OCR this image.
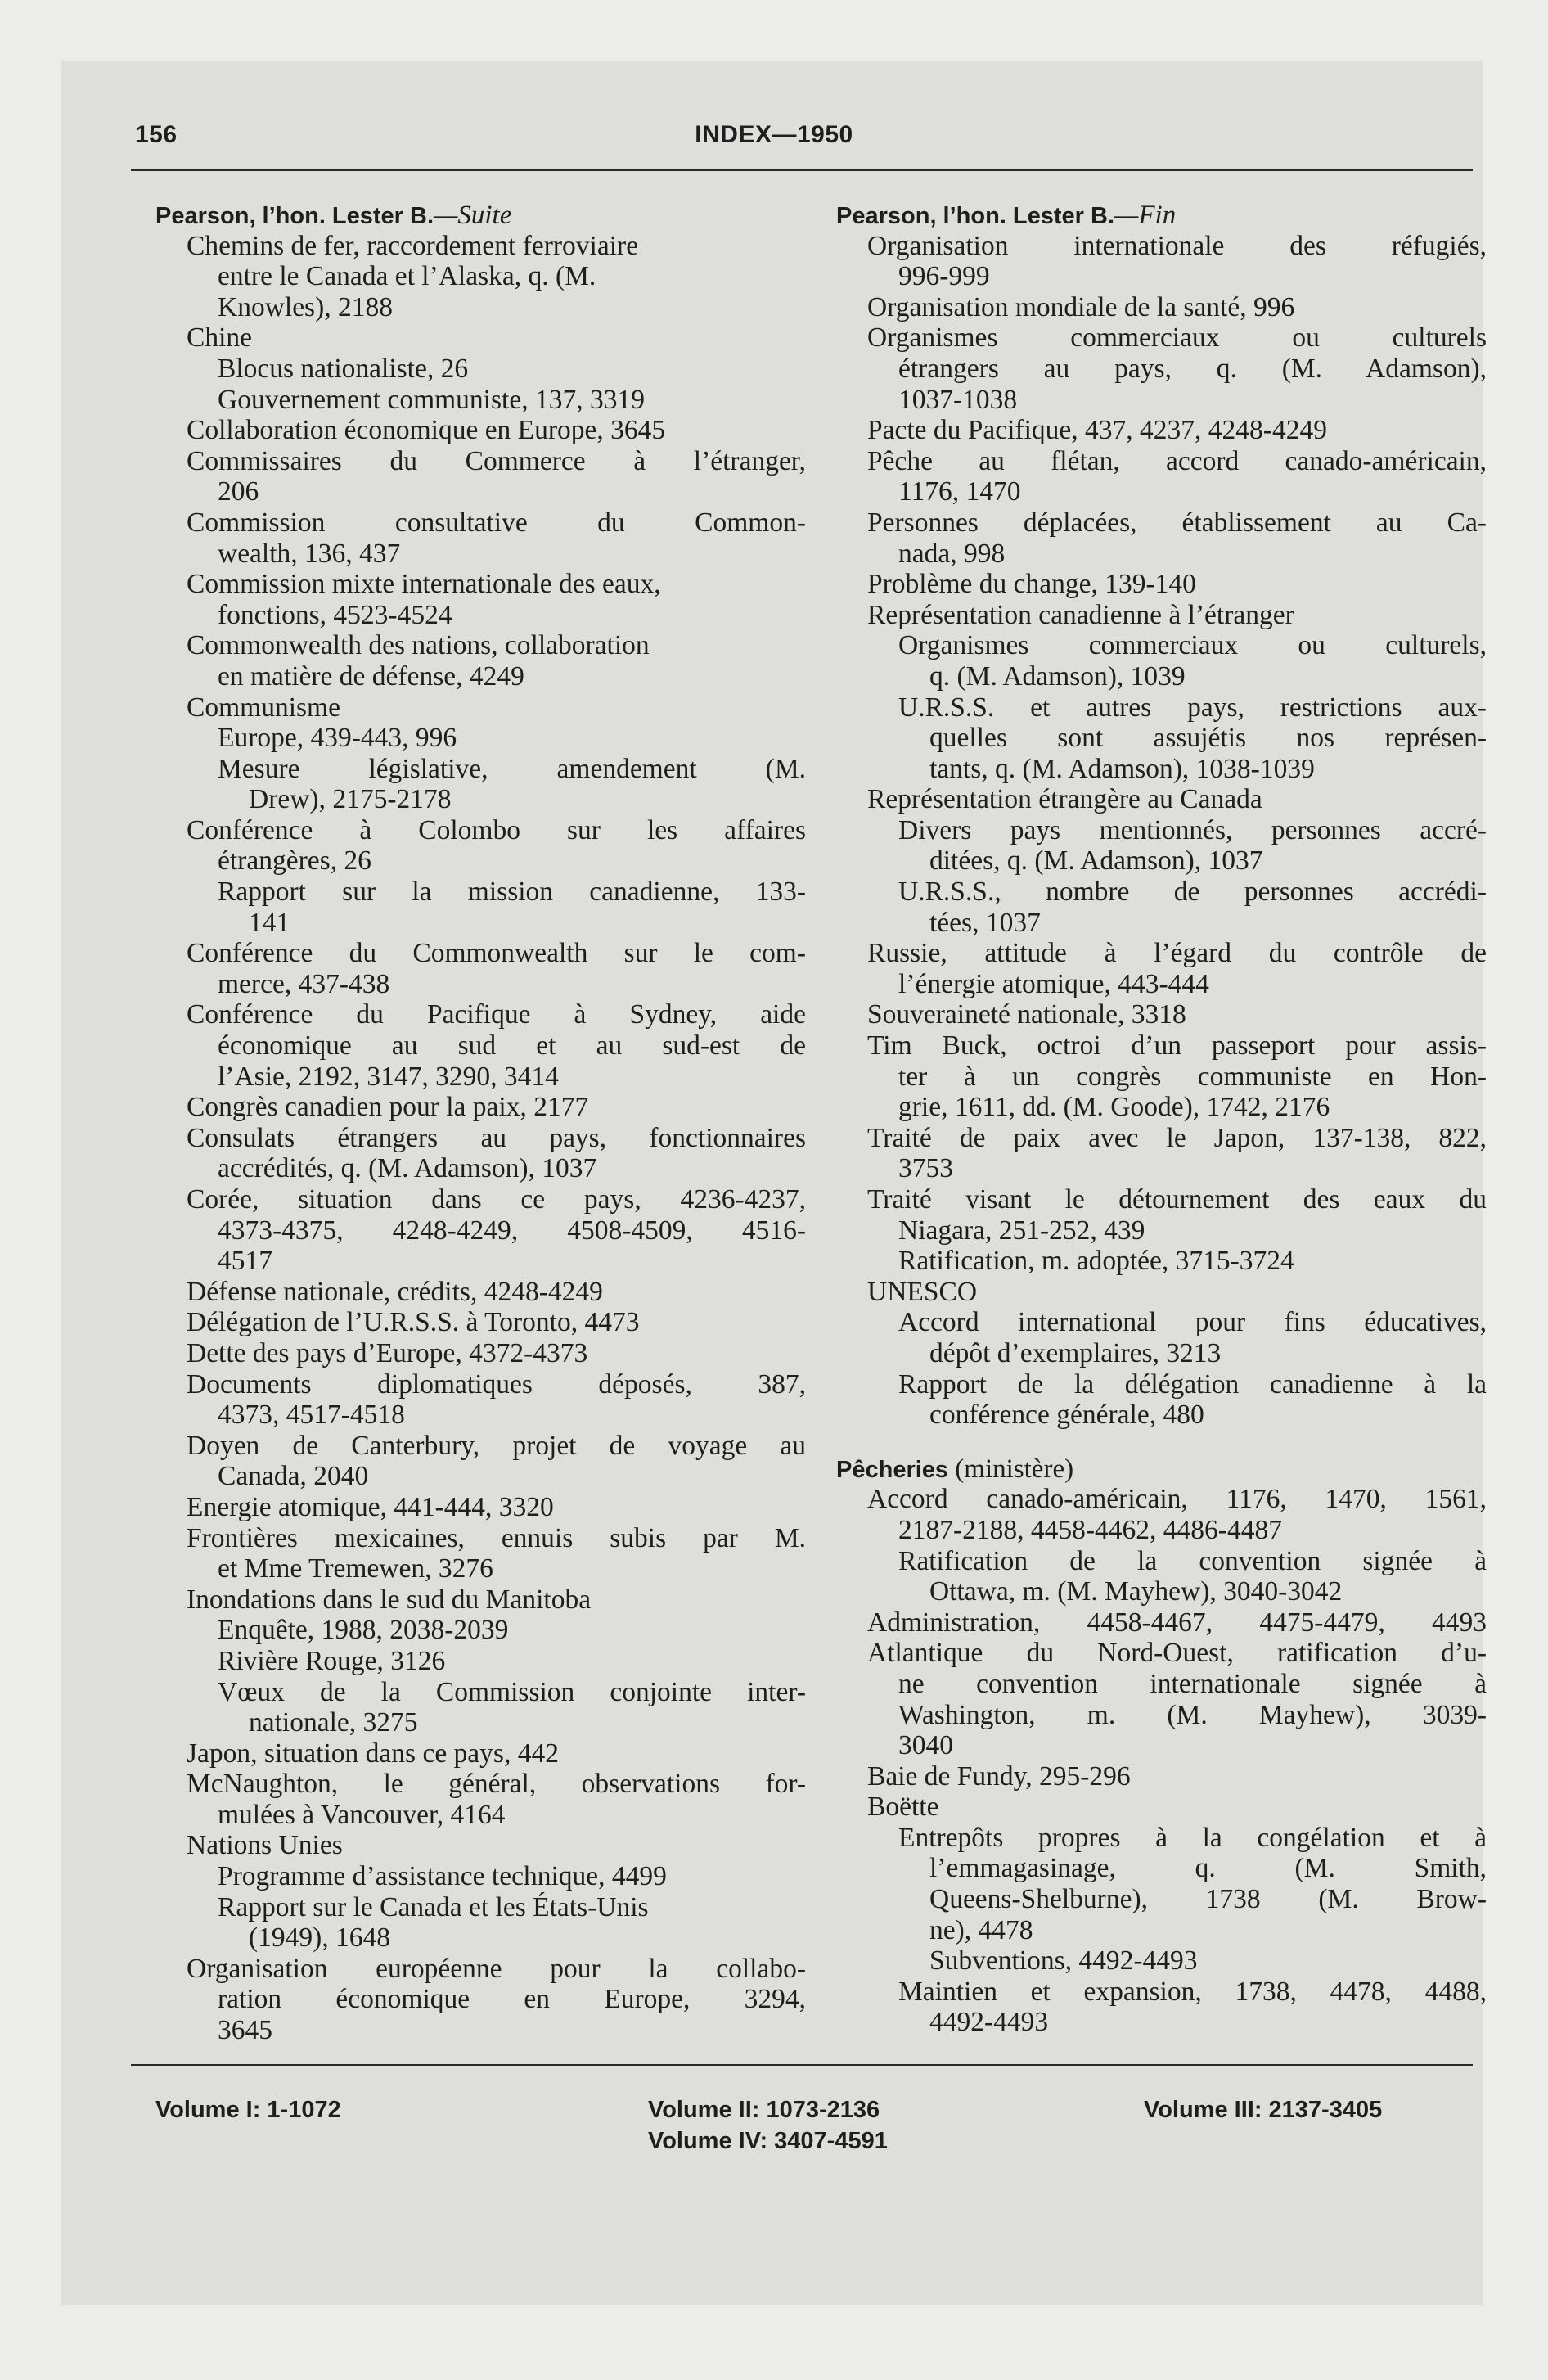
156	INDEX—1950
Pearson, l’hon. Lester B.—Suite
Chemins de fer, raccordement ferroviaire
entre le Canada et l’Alaska, q. (M.
Knowles), 2188
Chine
Blocus nationaliste, 26
Gouvernement communiste, 137, 3319
Collaboration économique en Europe, 3645
Commissaires du Commerce à l’étranger,
206
Commission consultative du Common-
wealth, 136, 437
Commission mixte internationale des eaux,
fonctions, 4523-4524
Commonwealth des nations, collaboration
en matière de défense, 4249
Communisme
Europe, 439-443, 996
Mesure législative, amendement (M.
Drew), 2175-2178
Conférence à Colombo sur les affaires
étrangères, 26
Rapport sur la mission canadienne, 133-
141
Conférence du Commonwealth sur le com-
merce, 437-438
Conférence du Pacifique à Sydney, aide
économique au sud et au sud-est de
l’Asie, 2192, 3147, 3290, 3414
Congrès canadien pour la paix, 2177
Consulats étrangers au pays, fonctionnaires
accrédités, q. (M. Adamson), 1037
Corée, situation dans ce pays, 4236-4237,
4373-4375, 4248-4249, 4508-4509, 4516-
4517
Défense nationale, crédits, 4248-4249
Délégation de l’U.R.S.S. à Toronto, 4473
Dette des pays d’Europe, 4372-4373
Documents diplomatiques déposés, 387,
4373, 4517-4518
Doyen de Canterbury, projet de voyage au
Canada, 2040
Energie atomique, 441-444, 3320
Frontières mexicaines, ennuis subis par M.
et Mme Tremewen, 3276
Inondations dans le sud du Manitoba
Enquête, 1988, 2038-2039
Rivière Rouge, 3126
Vœux de la Commission conjointe inter-
nationale, 3275
Japon, situation dans ce pays, 442
McNaughton, le général, observations for-
mulées à Vancouver, 4164
Nations Unies
Programme d’assistance technique, 4499
Rapport sur le Canada et les États-Unis
(1949), 1648
Organisation européenne pour la collabo-
ration économique en Europe, 3294,
3645
Pearson, l’hon. Lester B.—Fin
Organisation internationale des réfugiés,
996-999
Organisation mondiale de la santé, 996
Organismes commerciaux ou culturels
étrangers au pays, q. (M. Adamson),
1037-1038
Pacte du Pacifique, 437, 4237, 4248-4249
Pêche au flétan, accord canado-américain,
1176, 1470
Personnes déplacées, établissement au Ca-
nada, 998
Problème du change, 139-140
Représentation canadienne à l’étranger
Organismes commerciaux ou culturels,
q. (M. Adamson), 1039
U.R.S.S. et autres pays, restrictions aux-
quelles sont assujétis nos représen-
tants, q. (M. Adamson), 1038-1039
Représentation étrangère au Canada
Divers pays mentionnés, personnes accré-
ditées, q. (M. Adamson), 1037
U.R.S.S., nombre de personnes accrédi-
tées, 1037
Russie, attitude à l’égard du contrôle de
l’énergie atomique, 443-444
Souveraineté nationale, 3318
Tim Buck, octroi d’un passeport pour assis-
ter à un congrès communiste en Hon-
grie, 1611, dd. (M. Goode), 1742, 2176
Traité de paix avec le Japon, 137-138, 822,
3753
Traité visant le détournement des eaux du
Niagara, 251-252, 439
Ratification, m. adoptée, 3715-3724
UNESCO
Accord international pour fins éducatives,
dépôt d’exemplaires, 3213
Rapport de la délégation canadienne à la
conférence générale, 480
Pêcheries (ministère)
Accord canado-américain, 1176, 1470, 1561,
2187-2188, 4458-4462, 4486-4487
Ratification de la convention signée à
Ottawa, m. (M. Mayhew), 3040-3042
Administration, 4458-4467, 4475-4479, 4493
Atlantique du Nord-Ouest, ratification d’u-
ne convention internationale signée à
Washington, m. (M. Mayhew), 3039-
3040
Baie de Fundy, 295-296
Boëtte
Entrepôts propres à la congélation et à
l’emmagasinage, q. (M. Smith,
Queens-Shelburne), 1738 (M. Brow-
ne), 4478
Subventions, 4492-4493
Maintien et expansion, 1738, 4478, 4488,
4492-4493
Volume I: 1-1072	Volume II: 1073-2136	Volume III: 2137-3405
Volume IV: 3407-4591
